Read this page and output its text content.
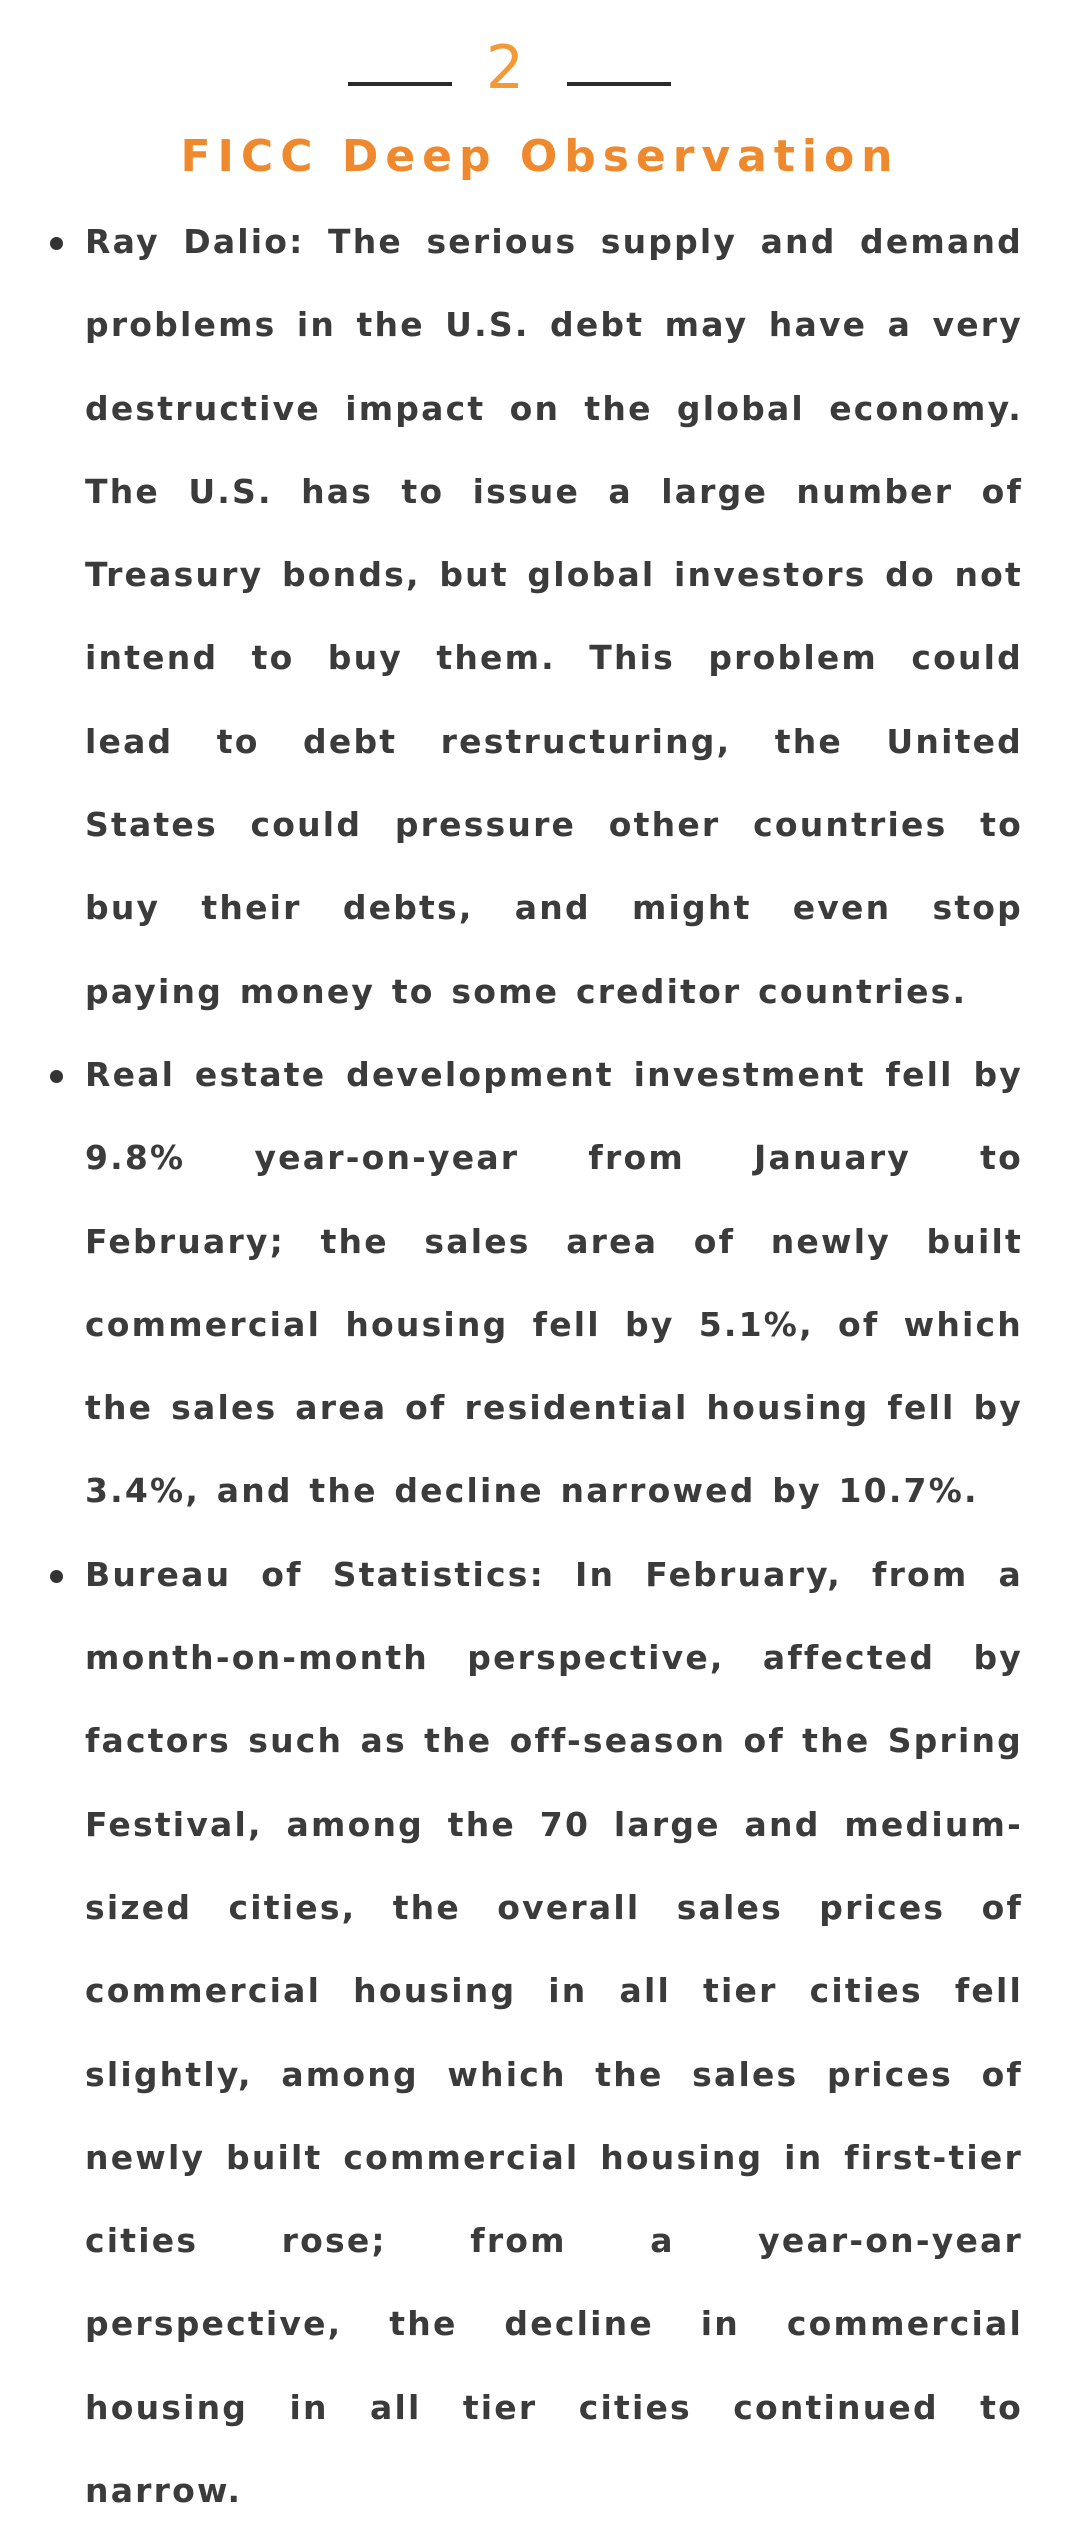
2
FICC Deep Observation
Ray Dalio: The serious supply and demand problems in the U.S. debt may have a very destructive impact on the global economy. The U.S. has to issue a large number of Treasury bonds, but global investors do not intend to buy them. This problem could lead to debt restructuring, the United States could pressure other countries to buy their debts, and might even stop paying money to some creditor countries.
Real estate development investment fell by 9.8% year-on-year from January to February; the sales area of newly built commercial housing fell by 5.1%, of which the sales area of residential housing fell by 3.4%, and the decline narrowed by 10.7%.
Bureau of Statistics: In February, from a month-on-month perspective, affected by factors such as the off-season of the Spring Festival, among the 70 large and medium-sized cities, the overall sales prices of commercial housing in all tier cities fell slightly, among which the sales prices of newly built commercial housing in first-tier cities rose; from a year-on-year perspective, the decline in commercial housing in all tier cities continued to narrow.
